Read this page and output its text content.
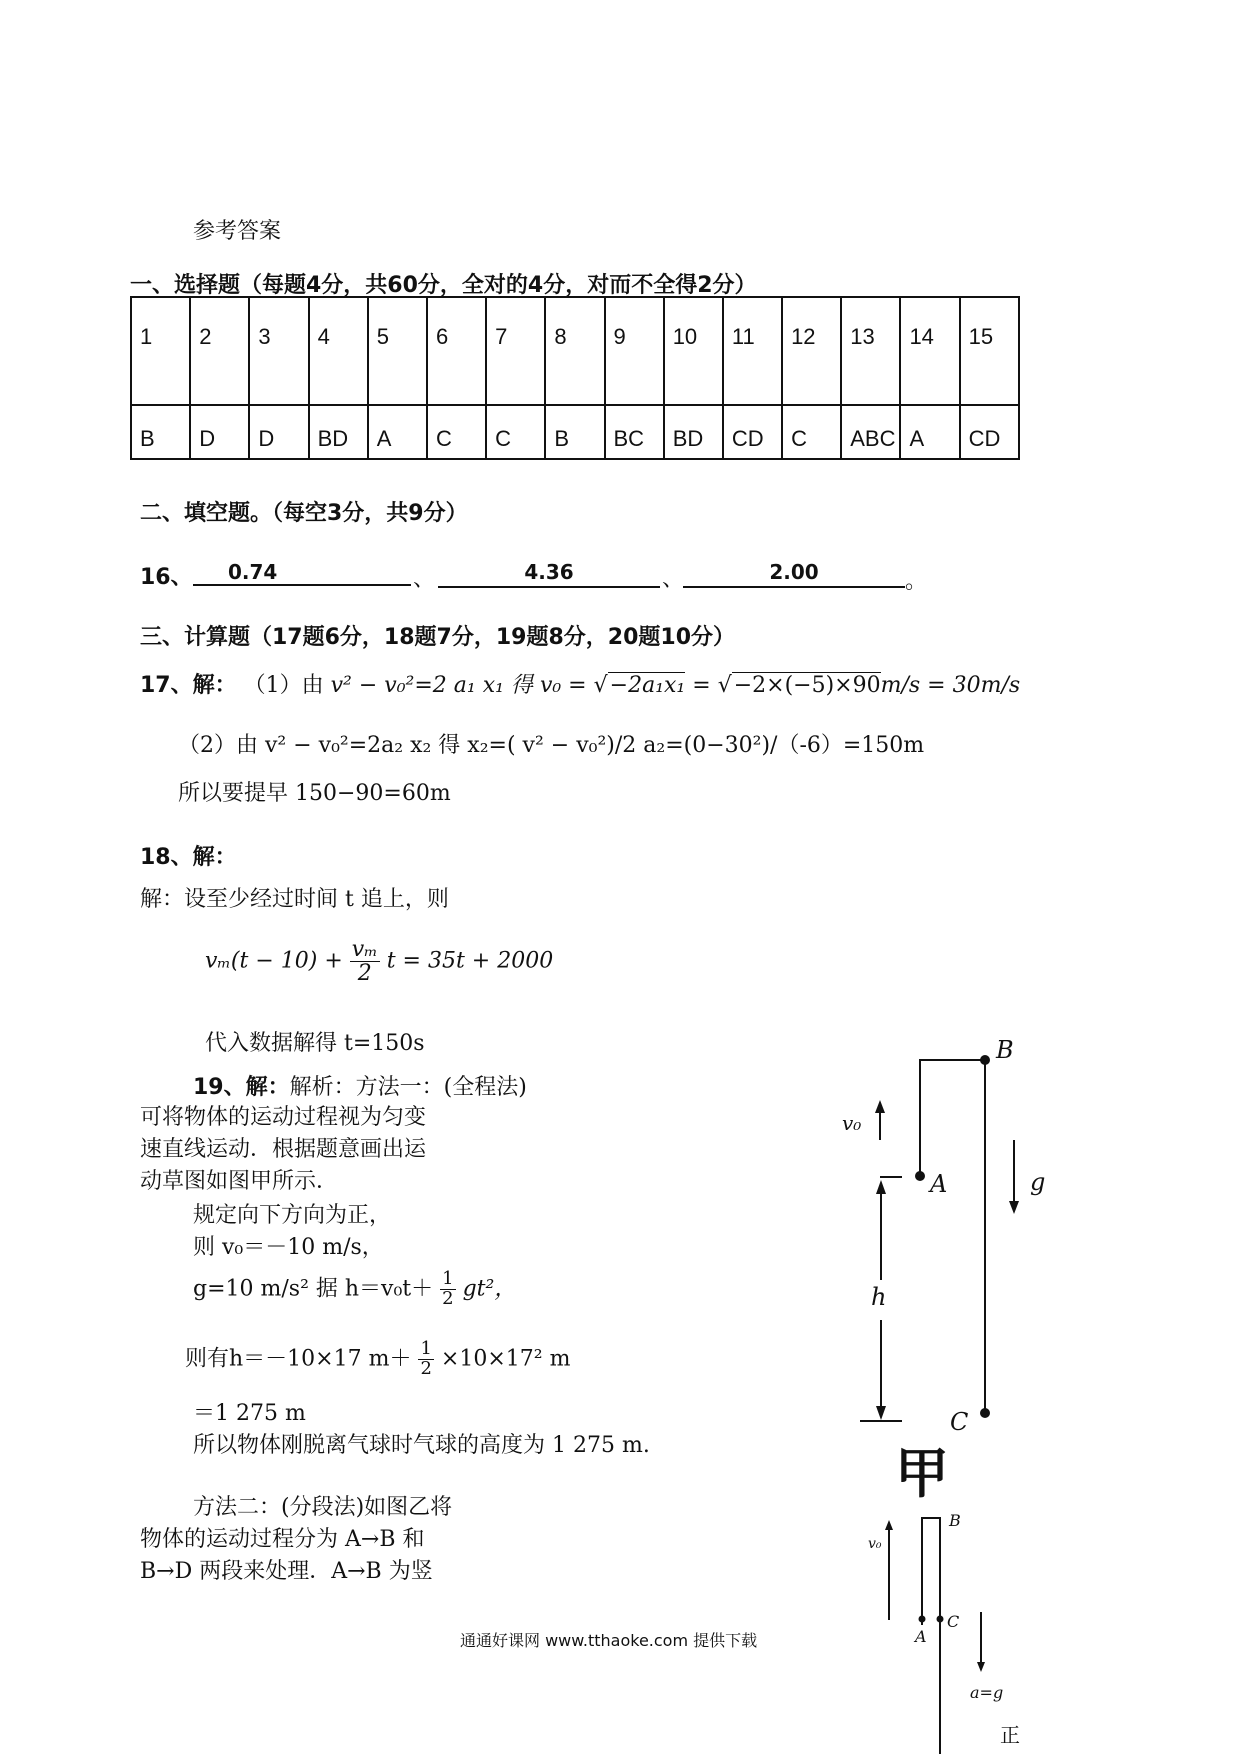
参考答案
一、选择题（每题4分，共60分，全对的4分，对而不全得2分）
1	2	3	4	5	6	7	8	9	10	11	12	13	14	15
B	D	D	BD	A	C	C	B	BC	BD	CD	C	ABC	A	CD
二、填空题。（每空3分，共9分）
16、	0.74	、	4.36	、	2.00	。
三、计算题（17题6分，18题7分，19题8分，20题10分）
17、解： （1）由 v² − v₀²=2 a₁ x₁ 得 v₀ = √−2a₁x₁ = √−2×(−5)×90m/s = 30m/s
（2）由 v² − v₀²=2a₂ x₂ 得 x₂=( v² − v₀²)/2 a₂=(0−30²)/（-6）=150m
所以要提早 150−90=60m
18、解：
解：设至少经过时间 t 追上，则
$v_m(t - 10) + \frac{\text{vₘ}}{2}$ t = 35t + 2000
代入数据解得 t=150s
19、解：解析：方法一：(全程法)
可将物体的运动过程视为匀变
速直线运动．根据题意画出运
动草图如图甲所示．
规定向下方向为正，
则 v₀＝－10 m/s，
g=10 m/s² 据 $h=v_0t+ \frac{1}{2} gt^2$，
则有h＝－10×17 $m+ \frac{1}{2} \times 10\times 17^2$ m
＝1 275 m
所以物体刚脱离气球时气球的高度为 1 275 m.
方法二：(分段法)如图乙将
物体的运动过程分为 A→B 和
B→D 两段来处理．A→B 为竖
B
A
C
v₀
g
h
甲
B
A
C
v₀
a=g
正
通通好课网 www.tthaoke.com 提供下载
